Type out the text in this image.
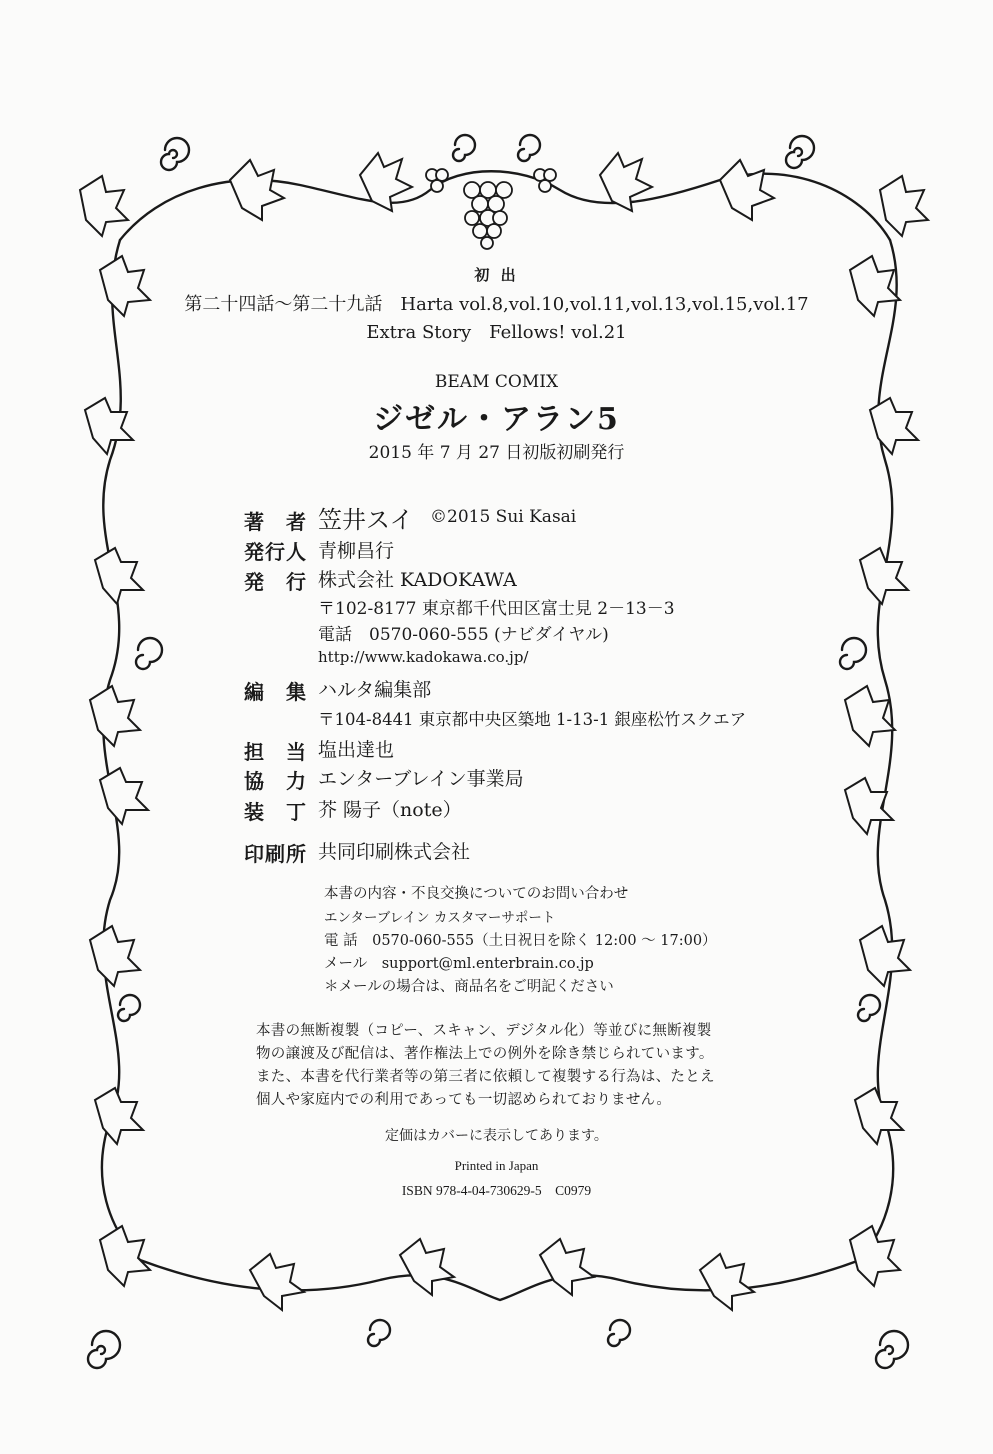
初 出
第二十四話〜第二十九話　Harta vol.8,vol.10,vol.11,vol.13,vol.15,vol.17
Extra Story　Fellows! vol.21
BEAM COMIX
ジゼル・アラン5
2015 年 7 月 27 日初版初刷発行
著　者 笠井スイ ©2015 Sui Kasai
発行人 青柳昌行
発　行 株式会社 KADOKAWA
〒102-8177 東京都千代田区富士見 2－13－3
電話　0570-060-555 (ナビダイヤル)
http://www.kadokawa.co.jp/
編　集 ハルタ編集部
〒104-8441 東京都中央区築地 1-13-1 銀座松竹スクエア
担　当 塩出達也
協　力 エンターブレイン事業局
装　丁 芥 陽子（note）
印刷所 共同印刷株式会社
本書の内容・不良交換についてのお問い合わせ
エンターブレイン カスタマーサポート
電 話　0570-060-555（土日祝日を除く 12:00 〜 17:00）
メール　support@ml.enterbrain.co.jp
＊メールの場合は、商品名をご明記ください
本書の無断複製（コピー、スキャン、デジタル化）等並びに無断複製
物の譲渡及び配信は、著作権法上での例外を除き禁じられています。
また、本書を代行業者等の第三者に依頼して複製する行為は、たとえ
個人や家庭内での利用であっても一切認められておりません。
定価はカバーに表示してあります。
Printed in Japan
ISBN 978-4-04-730629-5　C0979
